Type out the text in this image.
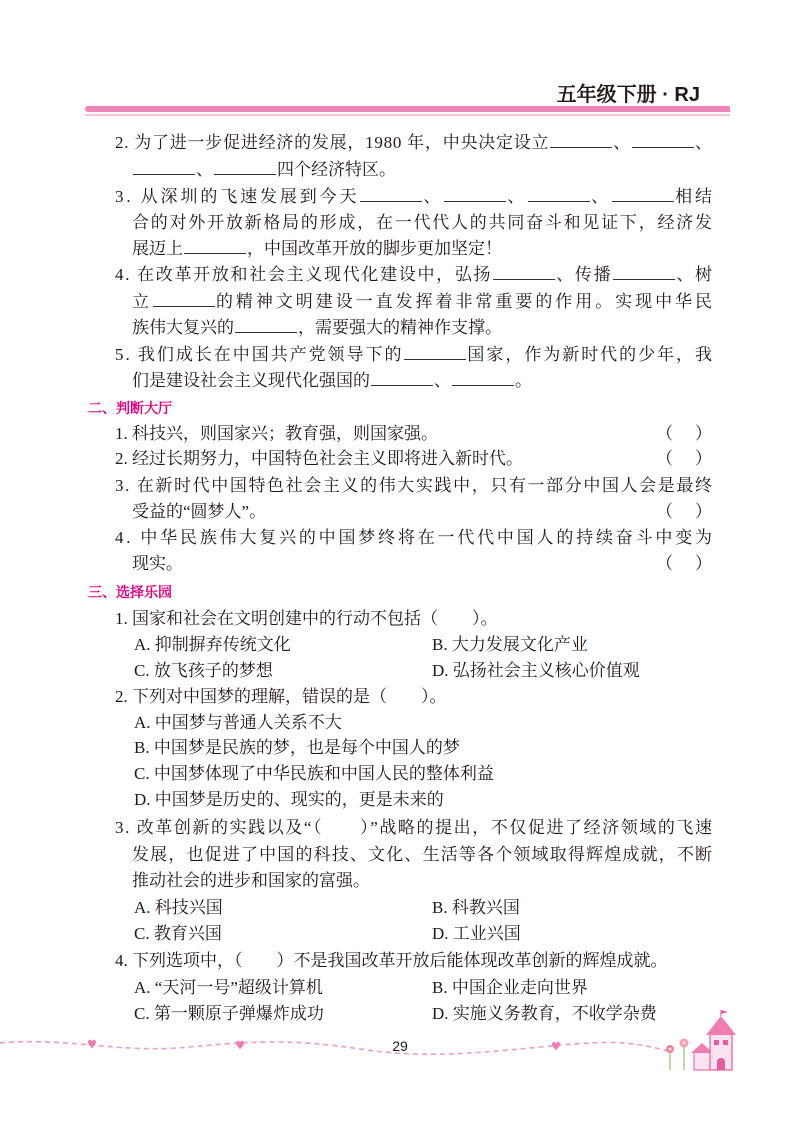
五年级下册 · RJ
2. 为了进一步促进经济的发展，1980 年，中央决定设立	、	、
、	四个经济特区。
3. 从深圳的飞速发展到今天	、	、	、	相结
合的对外开放新格局的形成，在一代代人的共同奋斗和见证下，经济发
展迈上	，中国改革开放的脚步更加坚定！
4. 在改革开放和社会主义现代化建设中，弘扬	、传播	、树
立	的精神文明建设一直发挥着非常重要的作用。实现中华民
族伟大复兴的	，需要强大的精神作支撑。
5. 我们成长在中国共产党领导下的	国家，作为新时代的少年，我
们是建设社会主义现代化强国的	、	。
二、判断大厅
1. 科技兴，则国家兴；教育强，则国家强。	（　　）
2. 经过长期努力，中国特色社会主义即将进入新时代。	（　　）
3. 在新时代中国特色社会主义的伟大实践中，只有一部分中国人会是最终
受益的“圆梦人”。	（　　）
4. 中华民族伟大复兴的中国梦终将在一代代中国人的持续奋斗中变为
现实。	（　　）
三、选择乐园
1. 国家和社会在文明创建中的行动不包括（　　）。
A. 抑制摒弃传统文化	B. 大力发展文化产业
C. 放飞孩子的梦想	D. 弘扬社会主义核心价值观
2. 下列对中国梦的理解，错误的是（　　）。
A. 中国梦与普通人关系不大
B. 中国梦是民族的梦，也是每个中国人的梦
C. 中国梦体现了中华民族和中国人民的整体利益
D. 中国梦是历史的、现实的，更是未来的
3. 改革创新的实践以及“（　　）”战略的提出，不仅促进了经济领域的飞速
发展，也促进了中国的科技、文化、生活等各个领域取得辉煌成就，不断
推动社会的进步和国家的富强。
A. 科技兴国	B. 科教兴国
C. 教育兴国	D. 工业兴国
4. 下列选项中，（　　）不是我国改革开放后能体现改革创新的辉煌成就。
A. “天河一号”超级计算机	B. 中国企业走向世界
C. 第一颗原子弹爆炸成功	D. 实施义务教育，不收学杂费
29
